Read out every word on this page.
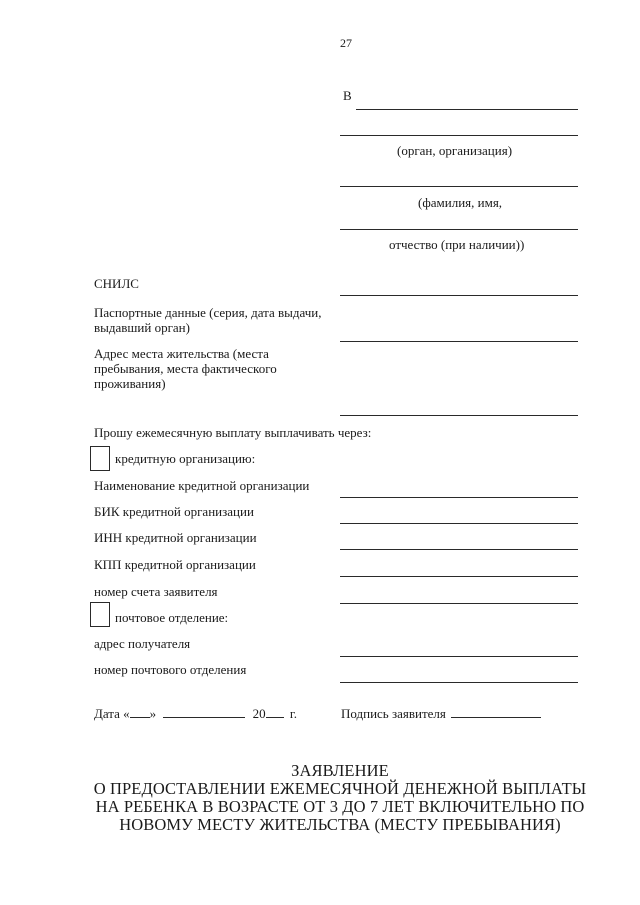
27
В
(орган, организация)
(фамилия, имя,
отчество (при наличии))
СНИЛС
Паспортные данные (серия, дата выдачи,
выдавший орган)
Адрес места жительства (места
пребывания, места фактического
проживания)
Прошу ежемесячную выплату выплачивать через:
кредитную организацию:
Наименование кредитной организации
БИК кредитной организации
ИНН кредитной организации
КПП кредитной организации
номер счета заявителя
почтовое отделение:
адрес получателя
номер почтового отделения
Дата « »	20 г.	Подпись заявителя
ЗАЯВЛЕНИЕ
О ПРЕДОСТАВЛЕНИИ ЕЖЕМЕСЯЧНОЙ ДЕНЕЖНОЙ ВЫПЛАТЫ
НА РЕБЕНКА В ВОЗРАСТЕ ОТ 3 ДО 7 ЛЕТ ВКЛЮЧИТЕЛЬНО ПО
НОВОМУ МЕСТУ ЖИТЕЛЬСТВА (МЕСТУ ПРЕБЫВАНИЯ)
